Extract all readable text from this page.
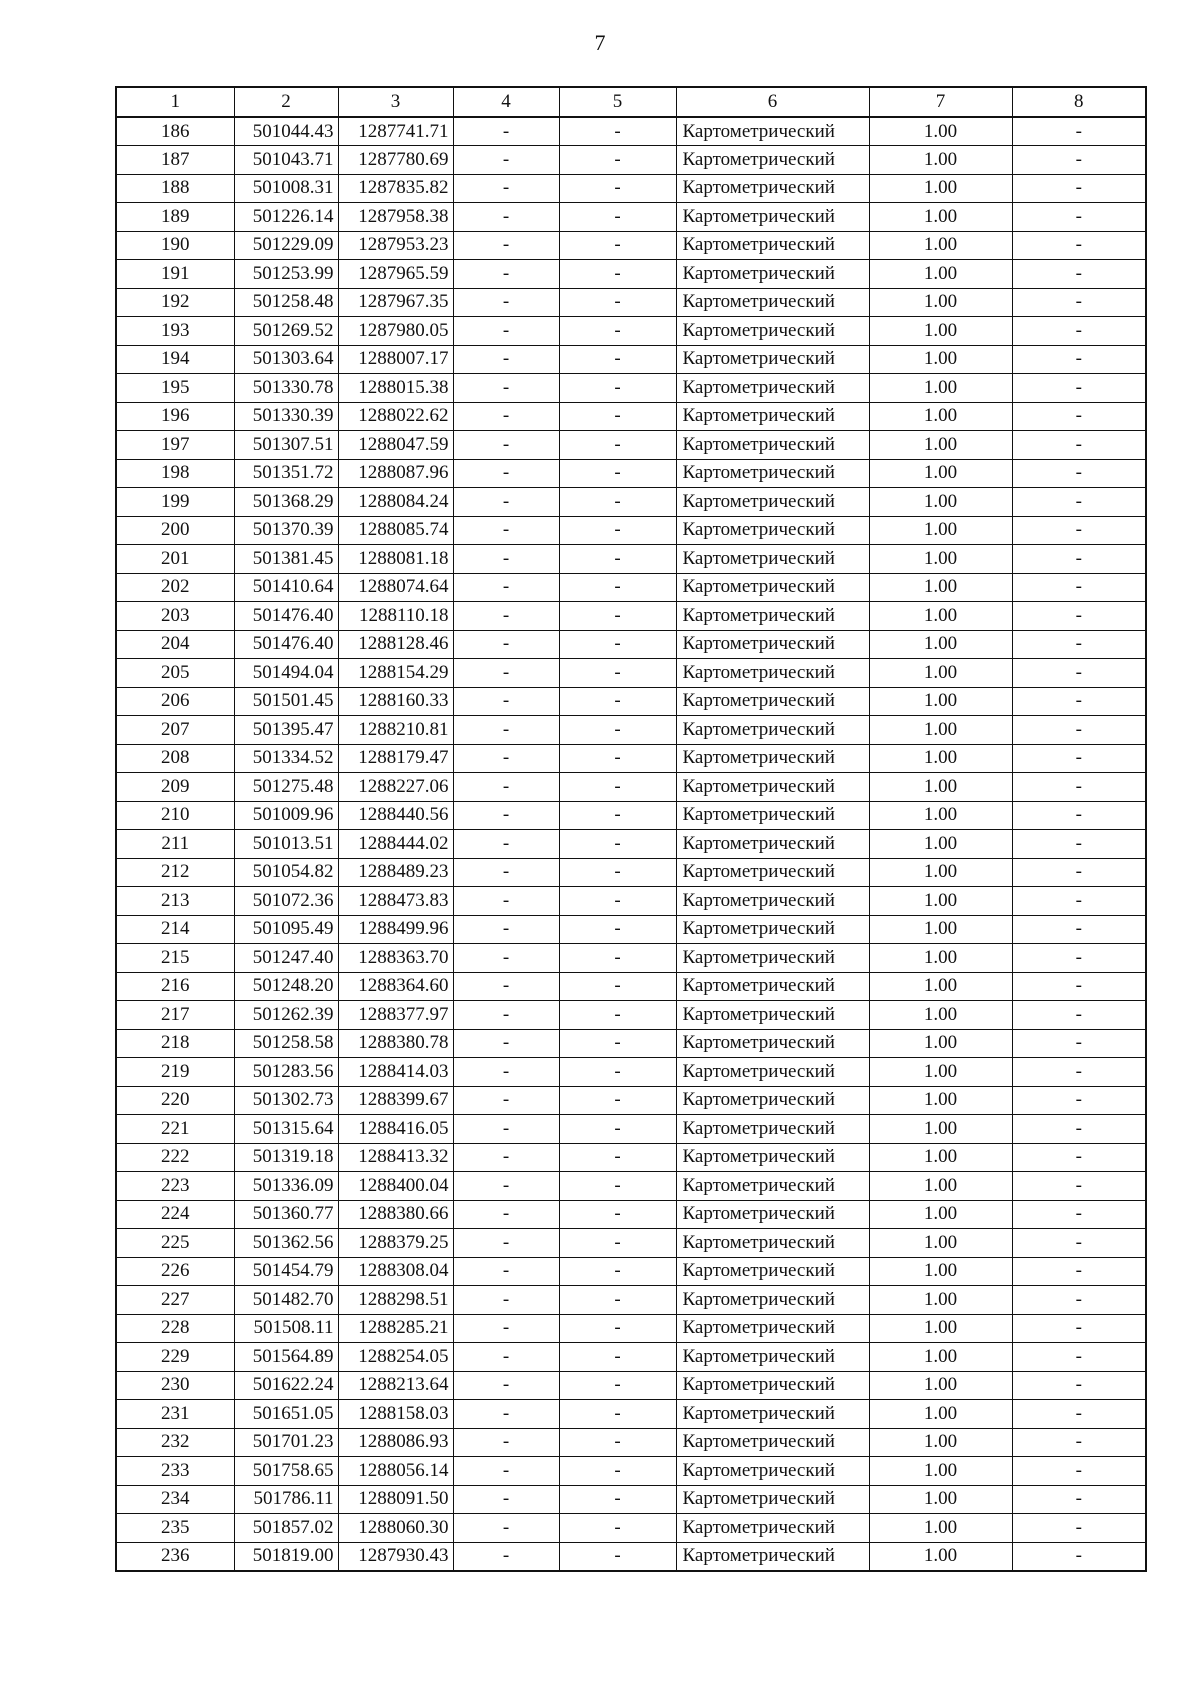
7
1	2	3	4	5	6	7	8
186	501044.43	1287741.71	-	-	Картометрический	1.00	-
187	501043.71	1287780.69	-	-	Картометрический	1.00	-
188	501008.31	1287835.82	-	-	Картометрический	1.00	-
189	501226.14	1287958.38	-	-	Картометрический	1.00	-
190	501229.09	1287953.23	-	-	Картометрический	1.00	-
191	501253.99	1287965.59	-	-	Картометрический	1.00	-
192	501258.48	1287967.35	-	-	Картометрический	1.00	-
193	501269.52	1287980.05	-	-	Картометрический	1.00	-
194	501303.64	1288007.17	-	-	Картометрический	1.00	-
195	501330.78	1288015.38	-	-	Картометрический	1.00	-
196	501330.39	1288022.62	-	-	Картометрический	1.00	-
197	501307.51	1288047.59	-	-	Картометрический	1.00	-
198	501351.72	1288087.96	-	-	Картометрический	1.00	-
199	501368.29	1288084.24	-	-	Картометрический	1.00	-
200	501370.39	1288085.74	-	-	Картометрический	1.00	-
201	501381.45	1288081.18	-	-	Картометрический	1.00	-
202	501410.64	1288074.64	-	-	Картометрический	1.00	-
203	501476.40	1288110.18	-	-	Картометрический	1.00	-
204	501476.40	1288128.46	-	-	Картометрический	1.00	-
205	501494.04	1288154.29	-	-	Картометрический	1.00	-
206	501501.45	1288160.33	-	-	Картометрический	1.00	-
207	501395.47	1288210.81	-	-	Картометрический	1.00	-
208	501334.52	1288179.47	-	-	Картометрический	1.00	-
209	501275.48	1288227.06	-	-	Картометрический	1.00	-
210	501009.96	1288440.56	-	-	Картометрический	1.00	-
211	501013.51	1288444.02	-	-	Картометрический	1.00	-
212	501054.82	1288489.23	-	-	Картометрический	1.00	-
213	501072.36	1288473.83	-	-	Картометрический	1.00	-
214	501095.49	1288499.96	-	-	Картометрический	1.00	-
215	501247.40	1288363.70	-	-	Картометрический	1.00	-
216	501248.20	1288364.60	-	-	Картометрический	1.00	-
217	501262.39	1288377.97	-	-	Картометрический	1.00	-
218	501258.58	1288380.78	-	-	Картометрический	1.00	-
219	501283.56	1288414.03	-	-	Картометрический	1.00	-
220	501302.73	1288399.67	-	-	Картометрический	1.00	-
221	501315.64	1288416.05	-	-	Картометрический	1.00	-
222	501319.18	1288413.32	-	-	Картометрический	1.00	-
223	501336.09	1288400.04	-	-	Картометрический	1.00	-
224	501360.77	1288380.66	-	-	Картометрический	1.00	-
225	501362.56	1288379.25	-	-	Картометрический	1.00	-
226	501454.79	1288308.04	-	-	Картометрический	1.00	-
227	501482.70	1288298.51	-	-	Картометрический	1.00	-
228	501508.11	1288285.21	-	-	Картометрический	1.00	-
229	501564.89	1288254.05	-	-	Картометрический	1.00	-
230	501622.24	1288213.64	-	-	Картометрический	1.00	-
231	501651.05	1288158.03	-	-	Картометрический	1.00	-
232	501701.23	1288086.93	-	-	Картометрический	1.00	-
233	501758.65	1288056.14	-	-	Картометрический	1.00	-
234	501786.11	1288091.50	-	-	Картометрический	1.00	-
235	501857.02	1288060.30	-	-	Картометрический	1.00	-
236	501819.00	1287930.43	-	-	Картометрический	1.00	-
